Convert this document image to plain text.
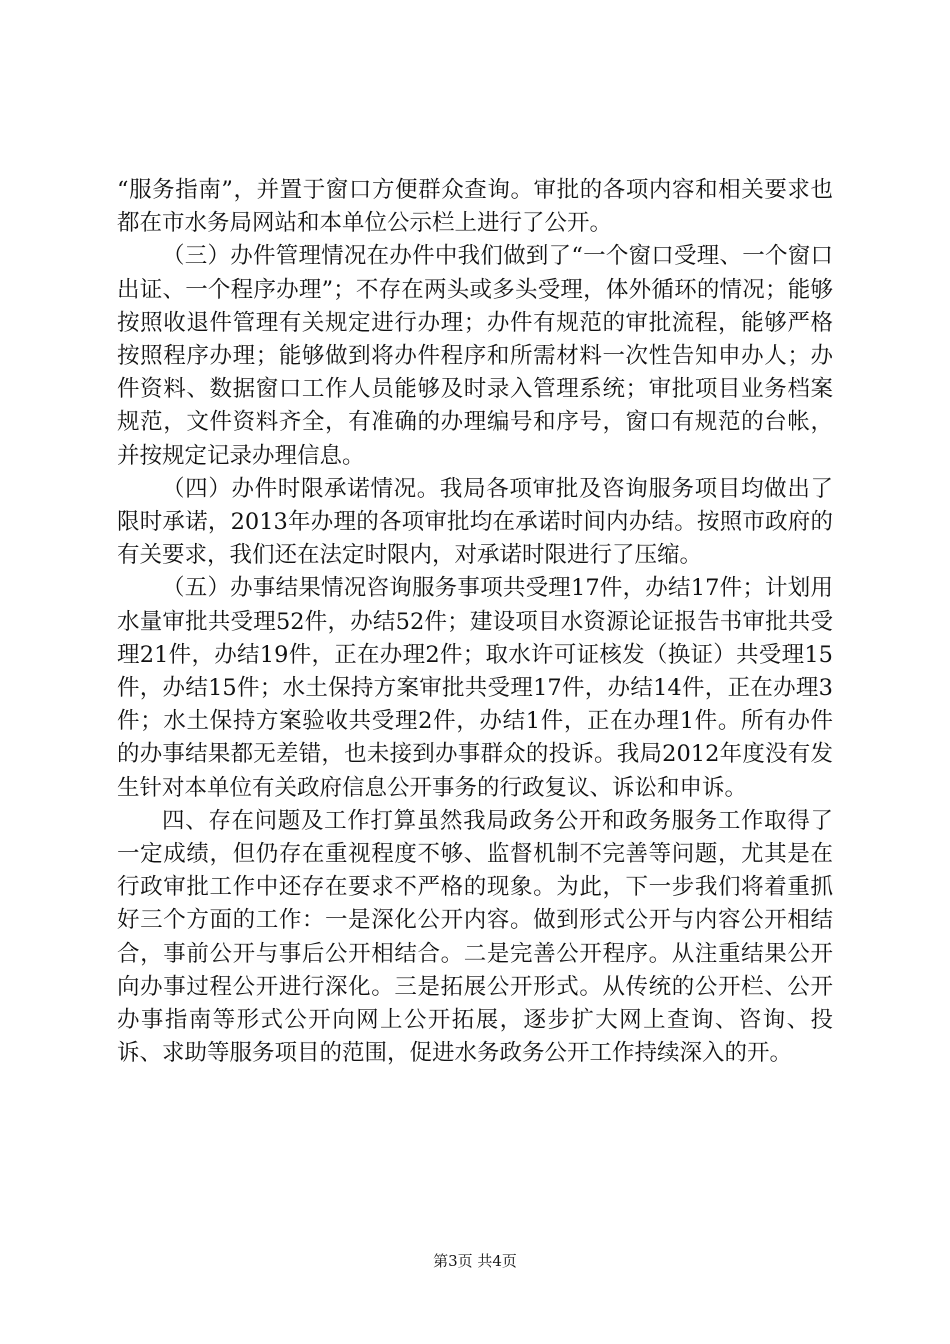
“服务指南”，并置于窗口方便群众查询。审批的各项内容和相关要求也都在市水务局网站和本单位公示栏上进行了公开。

（三）办件管理情况在办件中我们做到了“一个窗口受理、一个窗口出证、一个程序办理”；不存在两头或多头受理，体外循环的情况；能够按照收退件管理有关规定进行办理；办件有规范的审批流程，能够严格按照程序办理；能够做到将办件程序和所需材料一次性告知申办人；办件资料、数据窗口工作人员能够及时录入管理系统；审批项目业务档案规范，文件资料齐全，有准确的办理编号和序号，窗口有规范的台帐，并按规定记录办理信息。

（四）办件时限承诺情况。我局各项审批及咨询服务项目均做出了限时承诺，2013年办理的各项审批均在承诺时间内办结。按照市政府的有关要求，我们还在法定时限内，对承诺时限进行了压缩。

（五）办事结果情况咨询服务事项共受理17件，办结17件；计划用水量审批共受理52件，办结52件；建设项目水资源论证报告书审批共受理21件，办结19件，正在办理2件；取水许可证核发（换证）共受理15件，办结15件；水土保持方案审批共受理17件，办结14件，正在办理3件；水土保持方案验收共受理2件，办结1件，正在办理1件。所有办件的办事结果都无差错，也未接到办事群众的投诉。我局2012年度没有发生针对本单位有关政府信息公开事务的行政复议、诉讼和申诉。

四、存在问题及工作打算虽然我局政务公开和政务服务工作取得了一定成绩，但仍存在重视程度不够、监督机制不完善等问题，尤其是在行政审批工作中还存在要求不严格的现象。为此，下一步我们将着重抓好三个方面的工作：一是深化公开内容。做到形式公开与内容公开相结合，事前公开与事后公开相结合。二是完善公开程序。从注重结果公开向办事过程公开进行深化。三是拓展公开形式。从传统的公开栏、公开办事指南等形式公开向网上公开拓展，逐步扩大网上查询、咨询、投诉、求助等服务项目的范围，促进水务政务公开工作持续深入的开。

第3页 共4页
